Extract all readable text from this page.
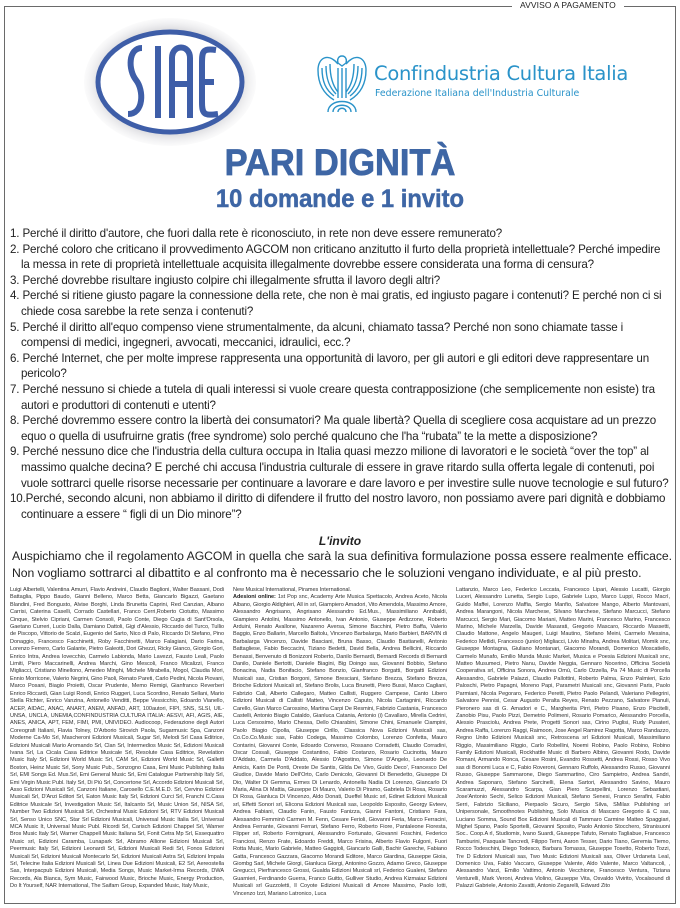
AVVISO A PAGAMENTO
Confindustria Cultura Italia
Federazione Italiana dell'Industria Culturale
PARI DIGNITÀ
10 domande e 1 invito
1. Perché il diritto d'autore, che fuori dalla rete è riconosciuto, in rete non deve essere remunerato?
2. Perché coloro che criticano il provvedimento AGCOM non criticano anzitutto il furto della proprietà intellettuale? Perché impedire la messa in rete di proprietà intellettuale acquisita illegalmente dovrebbe essere considerata una forma di censura?
3. Perché dovrebbe risultare ingiusto colpire chi illegalmente sfrutta il lavoro degli altri?
4. Perché si ritiene giusto pagare la connessione della rete, che non è mai gratis, ed ingiusto pagare i contenuti? E perché non ci si chiede cosa sarebbe la rete senza i contenuti?
5. Perché il diritto all'equo compenso viene strumentalmente, da alcuni, chiamato tassa? Perché non sono chiamate tasse i compensi di medici, ingegneri, avvocati, meccanici, idraulici, ecc.?
6. Perché Internet, che per molte imprese rappresenta una opportunità di lavoro, per gli autori e gli editori deve rappresentare un pericolo?
7. Perché nessuno si chiede a tutela di quali interessi si vuole creare questa contrapposizione (che semplicemente non esiste) tra autori e produttori di contenuti e utenti?
8. Perché dovremmo essere contro la libertà dei consumatori? Ma quale libertà? Quella di scegliere cosa acquistare ad un prezzo equo o quella di usufruirne gratis (free syndrome) solo perché qualcuno che l'ha “rubata” te la mette a disposizione?
9. Perché nessuno dice che l'industria della cultura occupa in Italia quasi mezzo milione di lavoratori e le società “over the top” al massimo qualche decina? E perché chi accusa l'industria culturale di essere in grave ritardo sulla offerta legale di contenuti, poi vuole sottrarci quelle risorse necessarie per continuare a lavorare e dare lavoro e per investire sulle nuove tecnologie e sul futuro?
10.Perché, secondo alcuni, non abbiamo il diritto di difendere il frutto del nostro lavoro, non possiamo avere pari dignità e dobbiamo continuare a essere “ figli di un Dio minore”?
L'invito
Auspichiamo che il regolamento AGCOM in quella che sarà la sua definitiva formulazione possa essere realmente efficace. Non vogliamo sottrarci al dibattito e al confronto ma è necessario che le soluzioni vengano individuate, e al più presto.
Luigi Albertelli, Valentina Amurri, Flavio Andreini, Claudio Baglioni, Walter Bassani, Dodi Battaglia, Pippo Baudo, Gianni Belleno, Marco Betta, Giancarlo Bigazzi, Gaetano Blandini, Fred Bongusto, Alvise Borghi, Linda Brunetta Caprini, Red Canzian, Albano Carrisi, Caterina Caselli, Corrado Castellari, Franco Cerri,Roberto Ciotutto, Massimo Cinque, Stelvio Cipriani, Carmen Consoli, Paolo Conte, Diego Cugia di Sant'Orsola, Gaetano Curreri, Lucio Dalla, Damiano Dattoli, Gigi d'Alessio, Riccardo del Turco, Tullio de Piscopo, Vittorio de Scalzi, Eugenio del Sarto, Nico di Palo, Riccardo Di Stefano, Pino Donaggio, Francesco Facchinetti, Roby Facchinetti, Marco Falagiani, Dario Farina, Lorenzo Ferrero, Carlo Galante, Pietro Galeotti, Dori Ghezzi, Ricky Gianco, Giorgio Gori, Enrico Intra, Andrea Iovecchio, Carmelo Labionda, Mario Lavezzi, Fausto Leali, Paolo Limiti, Piero Maccarinelli, Andrea Marchi, Gino Mescoli, Franco Micalizzi, Franco Migliacci, Cristiano Minellono, Amedeo Minghi, Michele Mirabella, Mogol, Claudia Mori, Ennio Morricone, Valerio Negrini, Gino Paoli, Renato Pareti, Carlo Pedini, Nicola Piovani, Marco Posani, Biagio Proietti, Oscar Prudente, Memo Remigi, Gianfranco Reverberi Enrico Riccardi, Gian Luigi Rondi, Enrico Ruggeri, Luca Scordino, Renato Sellani, Mario Stella Richter, Enrico Vanzina, Antonello Venditti, Beppe Vessicchio, Edoardo Vianello, ACEP, AIDAC, ANAC, ANART, ANEM, ANFAD, ART, 100autori, FIPI, SNS, SLSI, UIL-UNSA, UNCLA, UNEMIA,CONFINDUSTRIA CULTURA ITALIA: AESVI, AFI, AGIS, AIE, ANES, ANICA, APT, FEM, FIMI, PMI, UNIVIDEO. Audiocoop, Federazione degli Autori Coreografi Italiani, Flavia Tolney, D'Arborio Sirovich Paola, Sugarmusic Spa, Canzoni Moderne Ca-Mo Srl, Mascheroni Edizioni Musicali, Sugar Srl, Melodi Srl Casa Editrice, Edizioni Musicali Mario Aromando Srl, Clan Srl, Intermedios Music Srl, Edizioni Musicali Ivana Srl, La Cicala Casa Editrice Musicale Srl, Resolute Casa Editrice, Revelation Music Italy Srl, Edizioni World Music Srl, CAM Srl, Edizioni World Music Srl, Galletti Boston, Heinz Music Srl, Sony Music Pub., Sonzogno Casa, Emi Music Publishing Italia Srl, EMI Songs Ed. Mus.Srl, Emi General Music Srl, Emi Catalogue Partnership Italy Srl, Emi Virgin Music Publ. Italy Srl, Di Più Srl, Concertone Srl, Accordo Edizioni Musicali Srl, Asso Edizioni Musicali Srl, Canzoni Italiane, Carosello C.E.M.E.D. Srl, Cervino Edizioni Musicali Srl, D'Anzi Editori Srl, Eaton Music Italy Srl, Edizioni Curci Srl, Franchi C.Casa Editrice Musicale Srl, Investigation Music Srl, Italcanto Srl, Music Union Srl, NISA Srl, Number Two Edizioni Musicali Srl, Orchestral Music Edizioni Srl, RTV Edizioni Musicali Srl, Senso Unico SNC, Star Srl Edizioni Musicali, Universal Music Italia Srl, Universal MCA Music It, Universal Music Publ. Ricordi Srl, Carisch Edizioni Chappel Srl, Warner Bros Music Italy Srl, Warner Chappell Music Italiana Srl, Fonit Cetra Mp Srl, Essequattro Music srl, Edizioni Caramba, Lunapark Srl, Abramo Allione Edizioni Musicali Srl, Peermusic Italy Srl, Edizioni Leonardi Srl, Edizioni Musicali Redi Srl, Fonos Edizioni Musicali Srl, Edizioni Musicali Montecarlo Srl, Edizioni Musicali Astra Srl, Edizioni Impala Srl, Telecine Italia Edizioni Musicali Srl, Linea Due Edizioni Musicali, E2 Srl, Aereostella Sas, Interpacpub Edizioni Musicali, Media Songs, Music Market-Irma Records, DWA Records, Ala Bianca, Sym Music, Fairwood Music, Brioche Music, Energy Production, Do It Yourself, NAR International, The Saifam Group, Expanded Music, Italy Music,
New Musical International, Pirames International.
Adesioni online: 1st Pop snc, Academy Arte Musica Spettacolo, Andrea Aceto, Nicola Albano, Giorgio Aldighieri, All in srl, Giampiero Amadori, Vito Amendola, Massimo Amore, Alessandro Angrisano, Angrisano Alessandro Ed.Mus., Massimiliano Annibaldi, Giampiero Antolini, Massimo Antonello, Ivan Antonio, Giuseppe Ardizzone, Roberto Arduini, Renato Avallone, Nazareno Aversa, Simone Bacchini, Pietro Baffa, Valerio Baggio, Enzo Ballarin, Marcello Baltolu, Vincenzo Barbalarga, Mario Barbieri, BARVIN di Barbalarga Vincenzo, Davide Basciani, Bruna Basso, Claudio Bastianelli, Antonio Battagliese, Fabio Beccacini, Tiziano Bedetti, David Bella, Andrea Bellicini, Riccardo Benassi, Benvenuto di Bonizzoni Roberto, Danilo Bernardi, Bernardi Records di Bernardi Danilo, Daniele Bertotti, Daniele Biagini, Big Doingo sas, Giovanni Bobbio, Stefano Bonacina, Nadia Bonifacio, Stefano Bonzio, Gianfranco Borgatti, Borgatti Edizioni Musicali sas, Cristian Borgoni, Simone Bresciani, Stefano Brezza, Stefano Brezza, Brioche Edizioni Musicali srl, Stefano Brolis, Luca Brunetti, Piero Bussi, Marco Cagliani, Fabrizio Cali, Alberto Callegaro, Matteo Callisti, Ruggero Campese, Canto Libero Edizioni Musicali di Callisti Matteo, Vincenzo Caputo, Nicola Cartagnini, Riccardo Carello, Gian Marco Carossino, Martina Carpi De Resmini, Fabrizio Castania, Francesco Castelli, Antonio Biagio Cataldo, Gianluca Catania, Antonio (i) Cavallaro, Mirella Cedrini, Luca Cersosimo, Mario Chessa, Dello Chiarabini, Simone Chini, Emanuele Ciampini, Paolo Biagio Cipolla, Giuseppe Cirillo, Classica Nova Edizioni Musicali sas, Co.Co.Co.Music sas, Fabio Codega, Massimo Colombo, Lorenzo Confetta, Mauro Contarini, Giovanni Conte, Edoardo Converso, Rossano Corradetti, Claudio Corradini, Oscar Cossali, Giuseppe Costantino, Fabio Costanzo, Rosario Cucinotta, Mauro D'Addato, Carmela D'Addato, Alessio D'Agostino, Simone D'Angelo, Leonardo De Amicis, Karin De Ponti, Oreste De Santis, Gilda De Vivo, Guido Deco', Francesco Del Giudice, Davide Mario Dell'Orto, Carlo Denicolo, Giovanni Di Benedetto, Giuseppe Di Dio, Walter Di Gemma, Ermes Di Lenardo, Antonella Nadia Di Lorenzo, Giancarlo Di Maria, Alina Di Mattia, Giuseppe Di Mauro, Valerio Di Piramo, Gabriela Di Rosa, Rosario Di Rosa, Gianluca Di Vincenzo, Aldo Donati, Dueffel Music srl, Edinet Edizioni Musicali srl, Effetti Sonori srl, Elicona Edizioni Musicali sas, Leopoldo Esposito, Georgy Evteev, Andrea Fabiani, Claudio Fanin, Fausto Fanizza, Gianni Fantoni, Cristiano Fara, Alessandro Femminò Carmen M. Fenn, Cesare Ferioli, Giovanni Feria, Marco Ferracini, Andrea Ferrante, Giovanni Ferrari, Stefano Ferro, Roberto Fiore, Pantaleone Fioresta, Flipper srl, Roberto Formignani, Alessandro Fortunato, Giovanni Foschini, Federico Franciosi, Renzo Frate, Edoardo Freddi, Marco Frisina, Alberto Flavio Fulgoni, Fuori Rotta Music, Mario Gabriele, Matteo Gaggioli, Giancarlo Galli, Bachir Gareche, Fabiano Gatta, Francesco Gazzara, Giacomo Morandi Editore, Marco Giardina, Giuseppe Gioia, Giombg Sarl, Michele Giorgi, Gianluca Giorgi, Antonino Gozzo, Adamo Greco, Giuseppe Gregucci, Pierfrancesco Grossi, Gualda Edizioni Musicali srl, Federico Gualeni, Stefano Guarnieri, Ferdinando Guerra, Franco Guitto, Gulliver Studio, Andrea Kizmaiaz Edizioni Musicali srl Guzzoletti, Il Coyote Edizioni Musicali di Amore Massimo, Paolo Iotti, Vincenzo Izzi, Mariano Latronico, Luca
Lattanzio, Marco Leo, Federico Leccata, Francesco Lipari, Alessio Lucatti, Giorgio Luceri, Alessandro Lunetta, Sergio Lupo, Gabriele Lupo, Marco Luppi, Rocco Macrì, Guido Maffei, Lorenzo Maffia, Sergio Manfio, Salvatore Mango, Alberto Mantovani, Andrea Marangoni, Nicola Marchese, Silvano Marchese, Stefano Marcucci, Stefano Marcucci, Sergio Mari, Giacomo Mariani, Matteo Marini, Francesco Marino, Francesco Marino, Michele Marzella, Davide Masarati, Gregorio Mascaro, Riccardo Massetti, Claudio Mattone, Angelo Maugeri, Luigi Mautino, Stefano Meini, Carmelo Messina, Federico Metlidi, Francesco (junior) Migliacci, Livio Minafra, Andrea Molitari, Momik snc, Giuseppe Montagna, Giuliano Montanari, Giacomo Morandi, Domenico Moscatiello, Carmelo Munafo, Emilio Munda Music Market, Musica e Poesia Edizioni Musicali snc, Matteo Musumeci, Pietro Nanu, Davide Neggia, Gennaro Nocerino, Officina Società Cooperativa srl, Officina Sonora, Andrea Omù, Carlo Ozzella, Pa 74 Music di Porcella Alessandro, Gabriele Palazzi, Claudio Pallottini, Roberto Palma, Enzo Palmieri, Ezio Paloschi, Pietro Papagni, Moreno Papi, Parametri Musicali snc, Giovanni Paris, Paolo Parmiani, Nicola Pegoraro, Federico Peretti, Pietro Paolo Pelandi, Valeriano Pellegrini, Salvatore Pennisi, Cesar Augusto Peralta Reyes, Renato Pezzano, Salvatore Pianuli, Pieronero sas di G. Amadori e C., Margherita Pirri, Pietro Pisano, Enzo Piscitelli, Zanobio Pisu, Paolo Pizzi, Demetrio Polimeni, Rosario Pomarico, Alessandro Porcella, Alessio Prasciolu, Andrea Prete, Progetti Sonori sas, Cirino Puglisi, Rudy Pusateri, Andrea Raffa, Lorenzo Raggi, Raimoon, Jose Angel Ramirez Ragotta, Marco Randazzo, Regno Unito Edizioni Musicali snc, Retroscena srl Edizioni Musicali, Massimiliano Riggio, Massimiliano Riggio, Carlo Robellini, Noemi Robino, Paolo Robino, Robino Family Edizioni Musicali, Rockhattle Music di Barbero Albino, Giovanni Rodo, Davide Romani, Armando Ronca, Cesare Rosini, Evandro Rossetti, Andrea Rossi, Rosso Vivo sas di Bonomi Luca e C, Fabio Roveroni, Gennaro Ruffolo, Alessandro Russo, Giovanni Russo, Giuseppe Sammarone, Diego Sammartino, Ciro Sampietro, Andrea Sandri, Andrea Saponaro, Stefano Sarcinelli, Elena Sartori, Alessandro Savino, Mauro Scaramuzzi, Alessandro Scarpa, Gian Piero Scarpellini, Lorenzo Sebastiani, Jose'Antonio Sechi, Selico Edizioni Musicali, Stefano Senesi, Franco Serafini, Fabio Serri, Fabrizio Siciliano, Pierpaolo Sicuro, Sergio Silva, SMilax Publishing srl Unipersonale, Smoothnotes Publishing, Solo Musica di Mascaro Gregorio & C sas, Luciano Somma, Sound Box Edizioni Musicali di Tammaro Carmine Matteo Spaggiari, Mighel Spano, Paolo Sportelli, Giovanni Sposito, Paolo Antonio Stocchero, Stranisuoni Soc.. Coop.A rl, Studiomix, Ivano Suardi, Giuseppe Tafuto, Renato Tagliabue, Francesco Tamburini, Pasquale Tancredi, Filippo Terni, Aaron Tesser, Dario Tiano, Geremia Tiemo, Rocco Todeschini, Diego Todesco, Barbara Tomasss, Giuseppe Tosetto, Roberto Tozzi, Tre D Edizioni Musicali sas, Two Music Edizioni Musicali sas, Oliver Urdaneta Leal, Domenico Uva, Fabio Vaccaro, Giuseppe Valente, Aldo Valente, Marco Valtancoli, , Alessandro Varzi, Emilio Vattimo, Antonio Vecchione, Francesco Ventura, Tiziana Venturelli, Mark Veroni, Andrea Violino, Giuseppe Vita, Osvaldo Vivirito, Vocalsound di Palazzi Gabriele, Antonio Zavatti, Antonio Zegarelli, Edward Zito
